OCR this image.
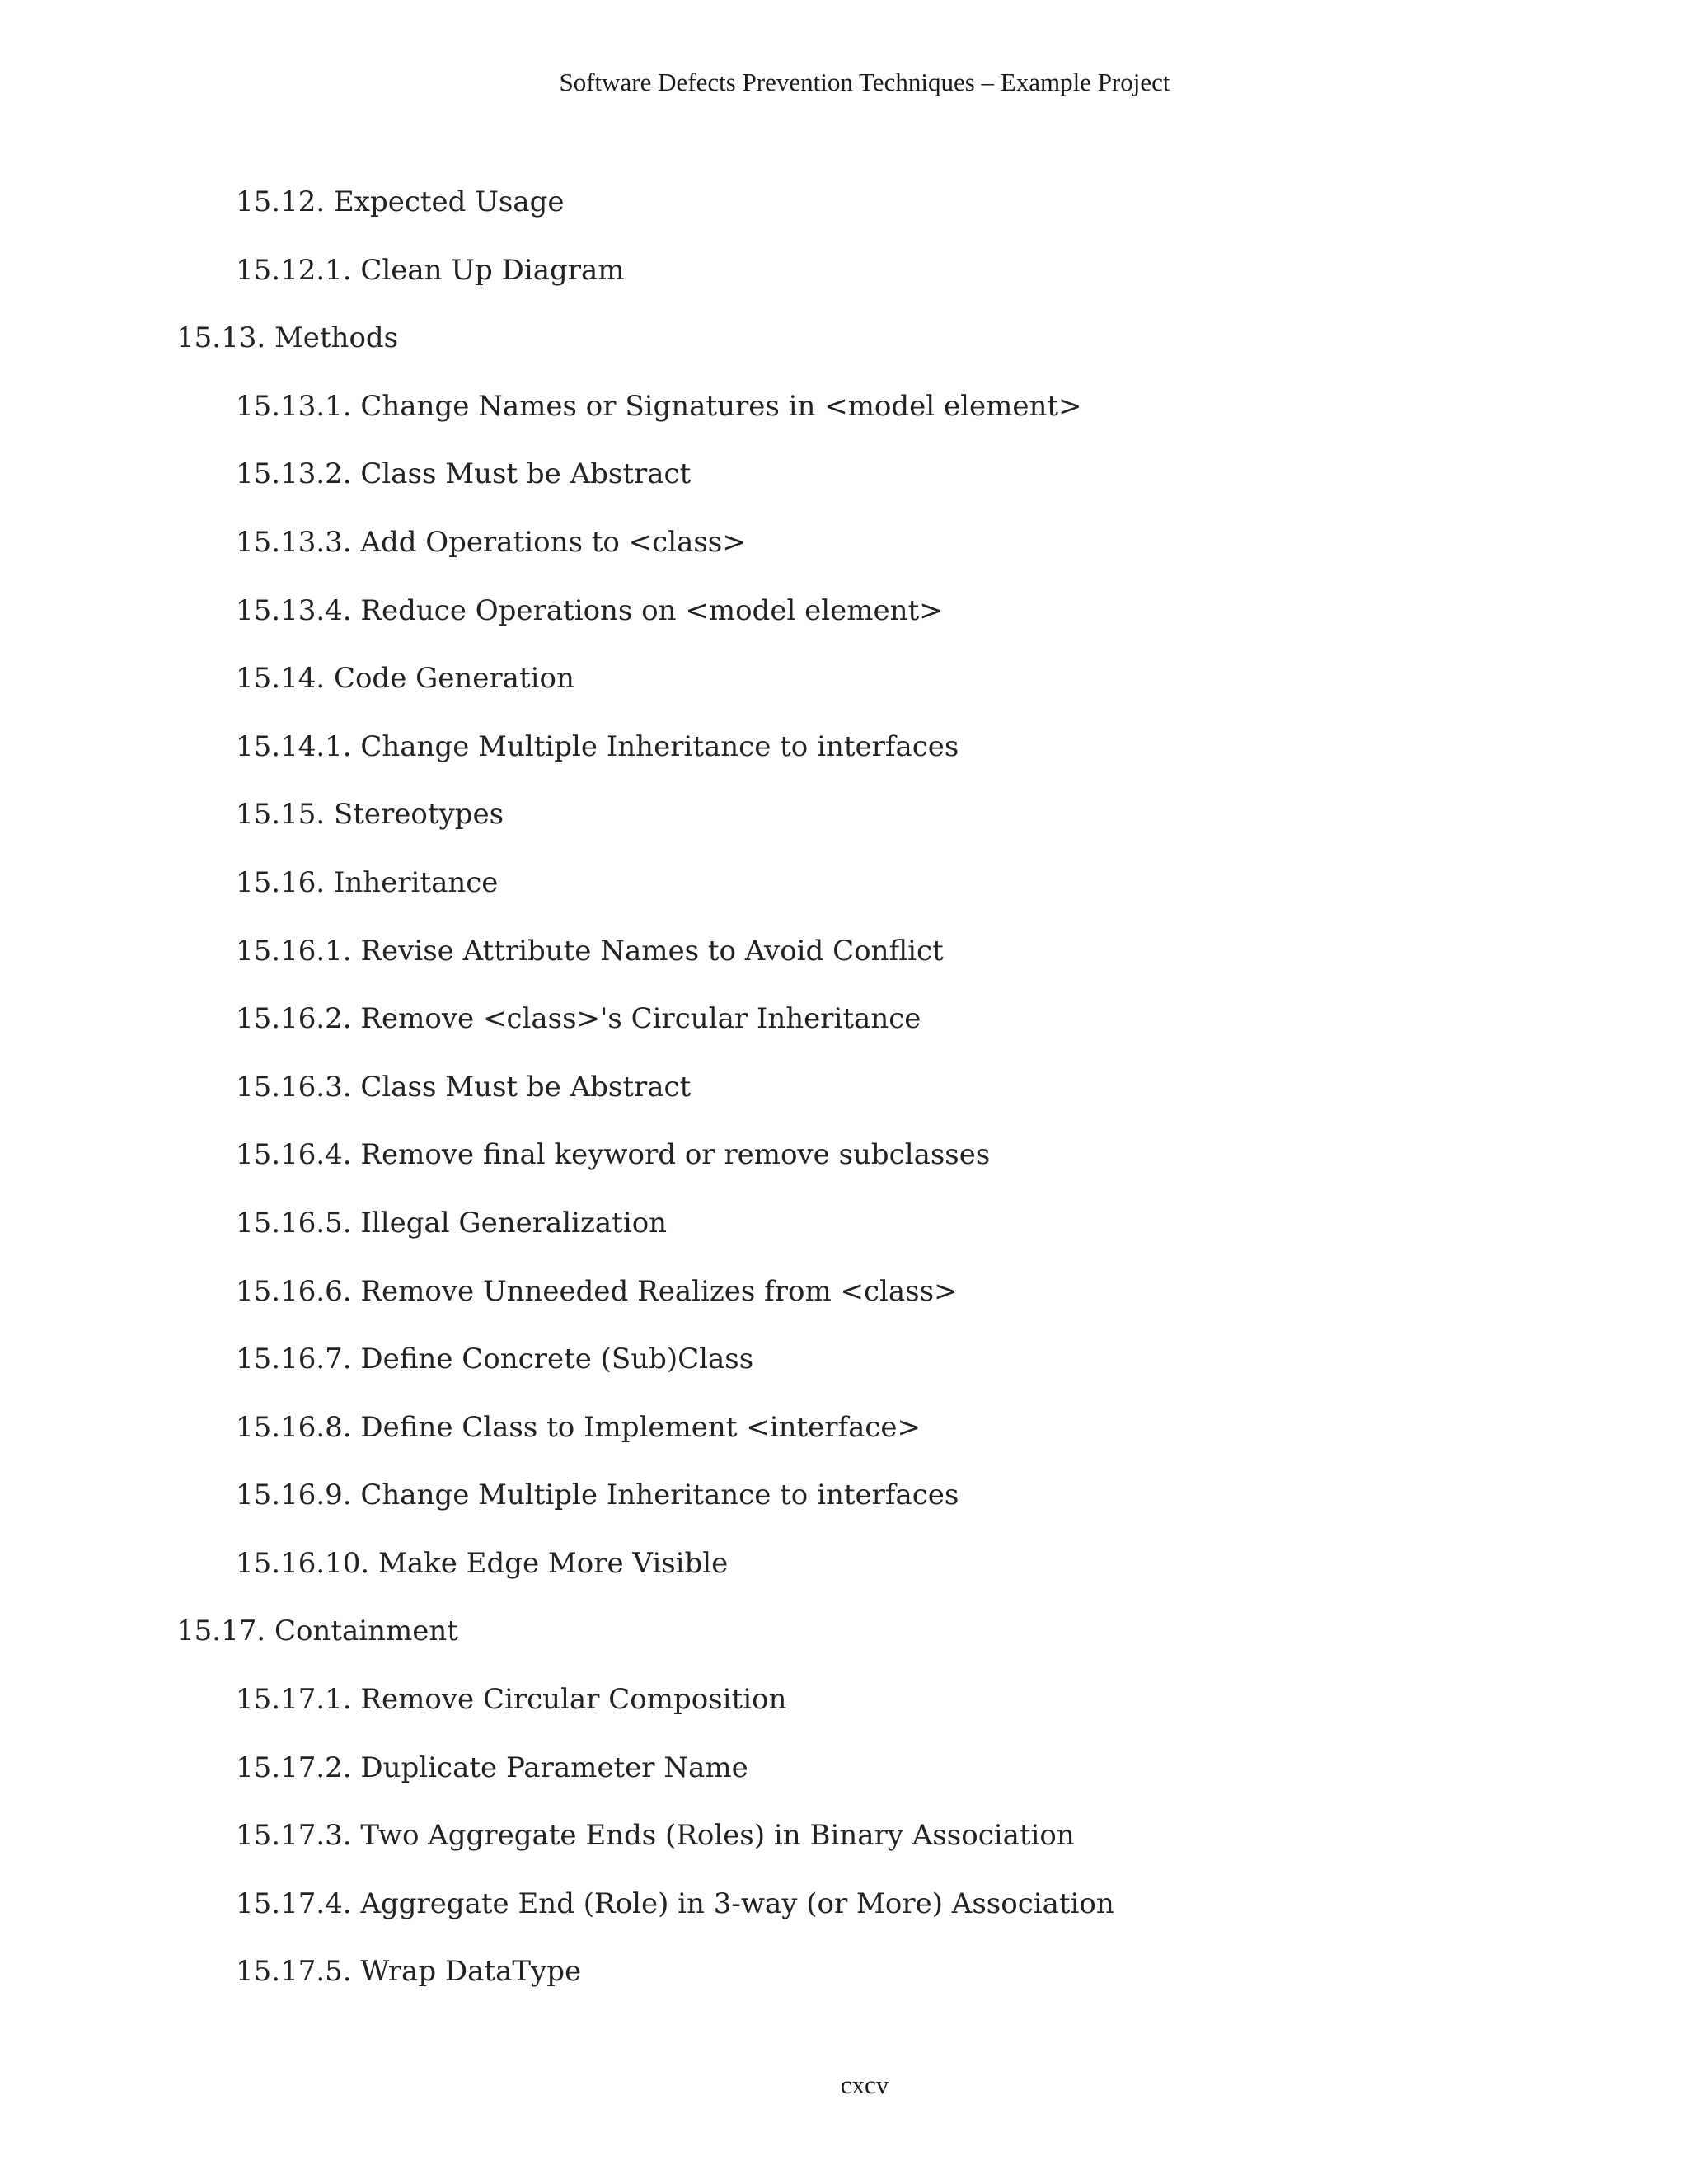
Software Defects Prevention Techniques – Example Project
15.12. Expected Usage
15.12.1. Clean Up Diagram
15.13. Methods
15.13.1. Change Names or Signatures in <model element>
15.13.2. Class Must be Abstract
15.13.3. Add Operations to <class>
15.13.4. Reduce Operations on <model element>
15.14. Code Generation
15.14.1. Change Multiple Inheritance to interfaces
15.15. Stereotypes
15.16. Inheritance
15.16.1. Revise Attribute Names to Avoid Conflict
15.16.2. Remove <class>'s Circular Inheritance
15.16.3. Class Must be Abstract
15.16.4. Remove final keyword or remove subclasses
15.16.5. Illegal Generalization
15.16.6. Remove Unneeded Realizes from <class>
15.16.7. Define Concrete (Sub)Class
15.16.8. Define Class to Implement <interface>
15.16.9. Change Multiple Inheritance to interfaces
15.16.10. Make Edge More Visible
15.17. Containment
15.17.1. Remove Circular Composition
15.17.2. Duplicate Parameter Name
15.17.3. Two Aggregate Ends (Roles) in Binary Association
15.17.4. Aggregate End (Role) in 3-way (or More) Association
15.17.5. Wrap DataType
cxcv
